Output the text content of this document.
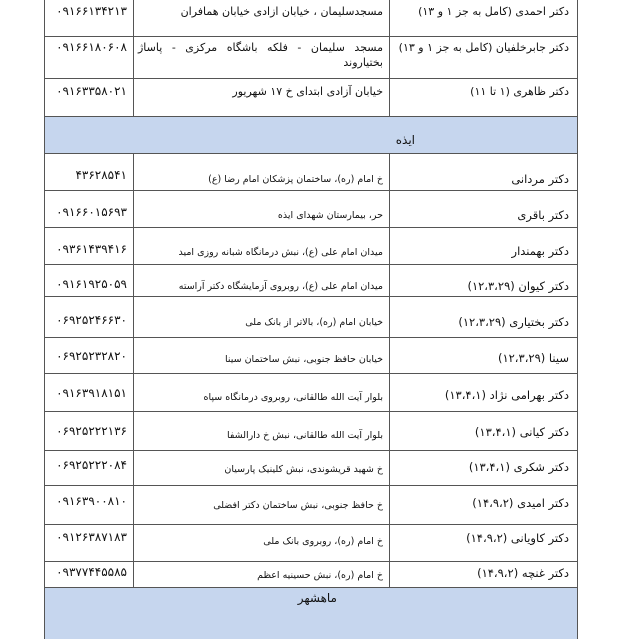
دکتر احمدی (کامل به جز ۱ و ۱۳)
مسجدسلیمان ، خیابان ازادی خیابان همافران
۰۹۱۶۶۱۳۴۲۱۳
دکتر جابرخلفیان (کامل به جز ۱ و ۱۳)
مسجد سلیمان - فلکه باشگاه مرکزی - پاساژ بختیاروند
۰۹۱۶۶۱۸۰۶۰۸
دکتر ظاهری (۱ تا ۱۱)
خیابان آزادی ابتدای خ ۱۷ شهریور
۰۹۱۶۳۳۵۸۰۲۱
ایذه
دکتر مردانی
خ امام (ره)، ساختمان پزشکان امام رضا (ع)
۴۳۶۲۸۵۴۱
دکتر باقری
حر، بیمارستان شهدای ایذه
۰۹۱۶۶۰۱۵۶۹۳
دکتر بهمندار
میدان امام علی (ع)، نبش درمانگاه شبانه روزی امید
۰۹۳۶۱۴۳۹۴۱۶
دکتر کیوان (۱۲،۳،۲۹)
میدان امام علی (ع)، روبروی آزمایشگاه دکتر آراسته
۰۹۱۶۱۹۲۵۰۵۹
دکتر بختیاری (۱۲،۳،۲۹)
خیابان امام (ره)، بالاتر از بانک ملی
۰۶۹۲۵۲۴۶۶۳۰
سینا (۱۲،۳،۲۹)
خیابان حافظ جنوبی، نبش ساختمان سینا
۰۶۹۲۵۲۳۲۸۲۰
دکتر بهرامی نژاد (۱۳،۴،۱)
بلوار آیت الله طالقانی، روبروی درمانگاه سپاه
۰۹۱۶۳۹۱۸۱۵۱
دکتر کیانی (۱۳،۴،۱)
بلوار آیت الله طالقانی، نبش خ دارالشفا
۰۶۹۲۵۲۲۲۱۳۶
دکتر شکری (۱۳،۴،۱)
خ شهید قریشوندی، نبش کلینیک پارسیان
۰۶۹۲۵۲۲۲۰۸۴
دکتر امیدی (۱۴،۹،۲)
خ حافظ جنوبی، نبش ساختمان دکتر افضلی
۰۹۱۶۳۹۰۰۸۱۰
دکتر کاویانی (۱۴،۹،۲)
خ امام (ره)، روبروی بانک ملی
۰۹۱۲۶۳۸۷۱۸۳
دکتر غنچه (۱۴،۹،۲)
خ امام (ره)، نبش حسینیه اعظم
۰۹۳۷۷۴۴۵۵۸۵
ماهشهر
